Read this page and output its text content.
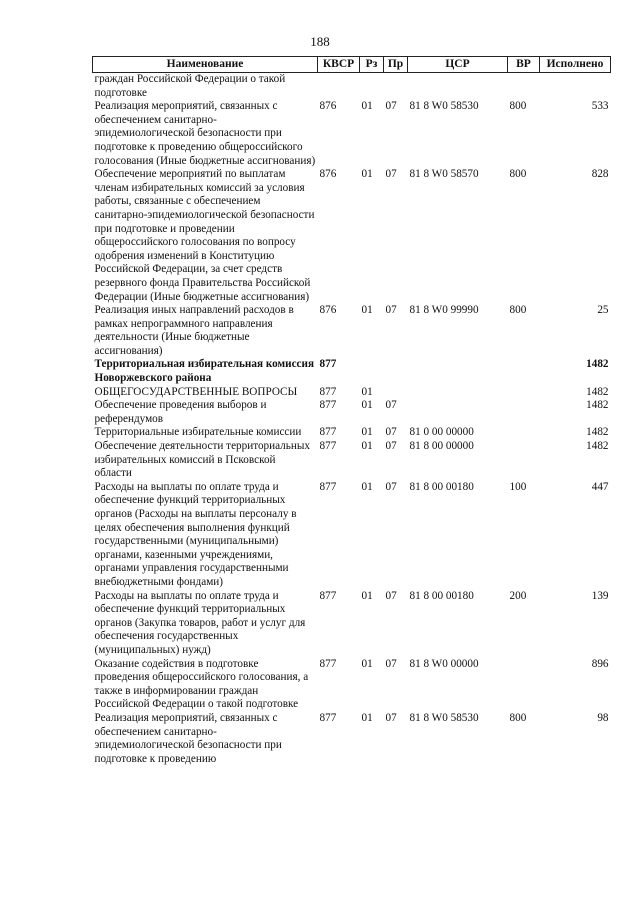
188
Наименование	КВСР	Рз	Пр	ЦСР	ВР	Исполнено
граждан Российской Федерации о такой подготовке						
Реализация мероприятий, связанных с обеспечением санитарно-эпидемиологической безопасности при подготовке к проведению общероссийского голосования (Иные бюджетные ассигнования)	876	01	07	81 8 W0 58530	800	533
Обеспечение мероприятий по выплатам членам избирательных комиссий за условия работы, связанные с обеспечением санитарно-эпидемиологической безопасности при подготовке и проведении общероссийского голосования по вопросу одобрения изменений в Конституцию Российской Федерации, за счет средств резервного фонда Правительства Российской Федерации (Иные бюджетные ассигнования)	876	01	07	81 8 W0 58570	800	828
Реализация иных направлений расходов в рамках непрограммного направления деятельности (Иные бюджетные ассигнования)	876	01	07	81 8 W0 99990	800	25
Территориальная избирательная комиссия Новоржевского района	877					1482
ОБЩЕГОСУДАРСТВЕННЫЕ ВОПРОСЫ	877	01				1482
Обеспечение проведения выборов и референдумов	877	01	07			1482
Территориальные избирательные комиссии	877	01	07	81 0 00 00000		1482
Обеспечение деятельности территориальных избирательных комиссий в Псковской области	877	01	07	81 8 00 00000		1482
Расходы на выплаты по оплате труда и обеспечение функций территориальных органов (Расходы на выплаты персоналу в целях обеспечения выполнения функций государственными (муниципальными) органами, казенными учреждениями, органами управления государственными внебюджетными фондами)	877	01	07	81 8 00 00180	100	447
Расходы на выплаты по оплате труда и обеспечение функций территориальных органов (Закупка товаров, работ и услуг для обеспечения государственных (муниципальных) нужд)	877	01	07	81 8 00 00180	200	139
Оказание содействия в подготовке проведения общероссийского голосования, а также в информировании граждан Российской Федерации о такой подготовке	877	01	07	81 8 W0 00000		896
Реализация мероприятий, связанных с обеспечением санитарно-эпидемиологической безопасности при подготовке к проведению	877	01	07	81 8 W0 58530	800	98
